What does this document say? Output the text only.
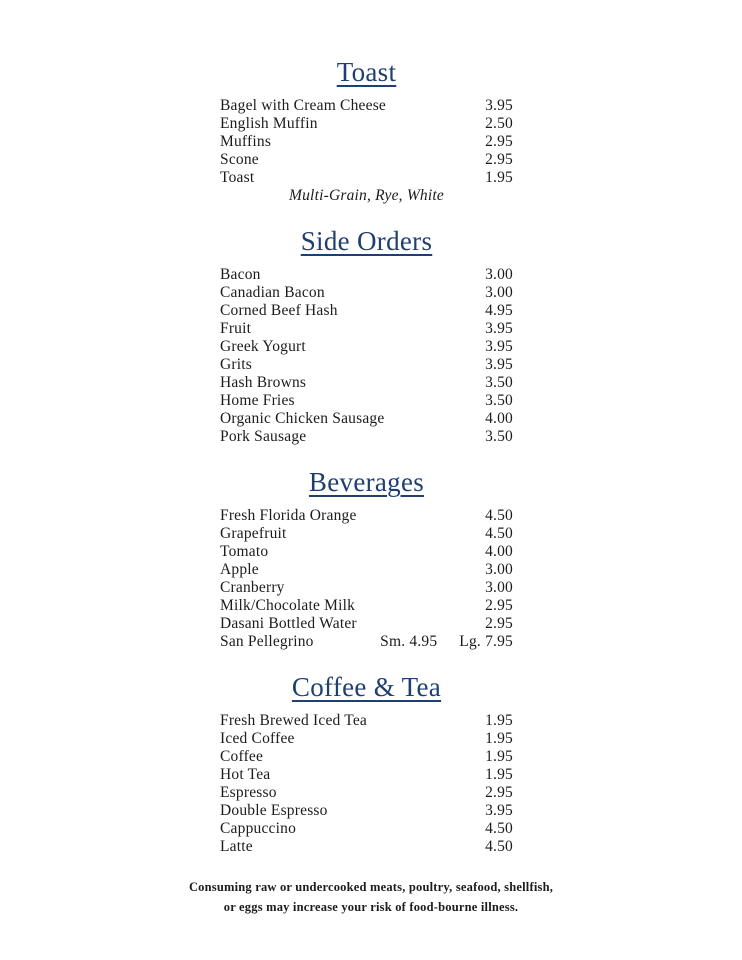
Toast
Bagel with Cream Cheese	3.95
English Muffin	2.50
Muffins	2.95
Scone	2.95
Toast	1.95
Multi-Grain, Rye, White
Side Orders
Bacon	3.00
Canadian Bacon	3.00
Corned Beef Hash	4.95
Fruit	3.95
Greek Yogurt	3.95
Grits	3.95
Hash Browns	3.50
Home Fries	3.50
Organic Chicken Sausage	4.00
Pork Sausage	3.50
Beverages
Fresh Florida Orange	4.50
Grapefruit	4.50
Tomato	4.00
Apple	3.00
Cranberry	3.00
Milk/Chocolate Milk	2.95
Dasani Bottled Water	2.95
San Pellegrino	Sm. 4.95 Lg. 7.95
Coffee & Tea
Fresh Brewed Iced Tea	1.95
Iced Coffee	1.95
Coffee	1.95
Hot Tea	1.95
Espresso	2.95
Double Espresso	3.95
Cappuccino	4.50
Latte	4.50
Consuming raw or undercooked meats, poultry, seafood, shellfish,
or eggs may increase your risk of food-bourne illness.
